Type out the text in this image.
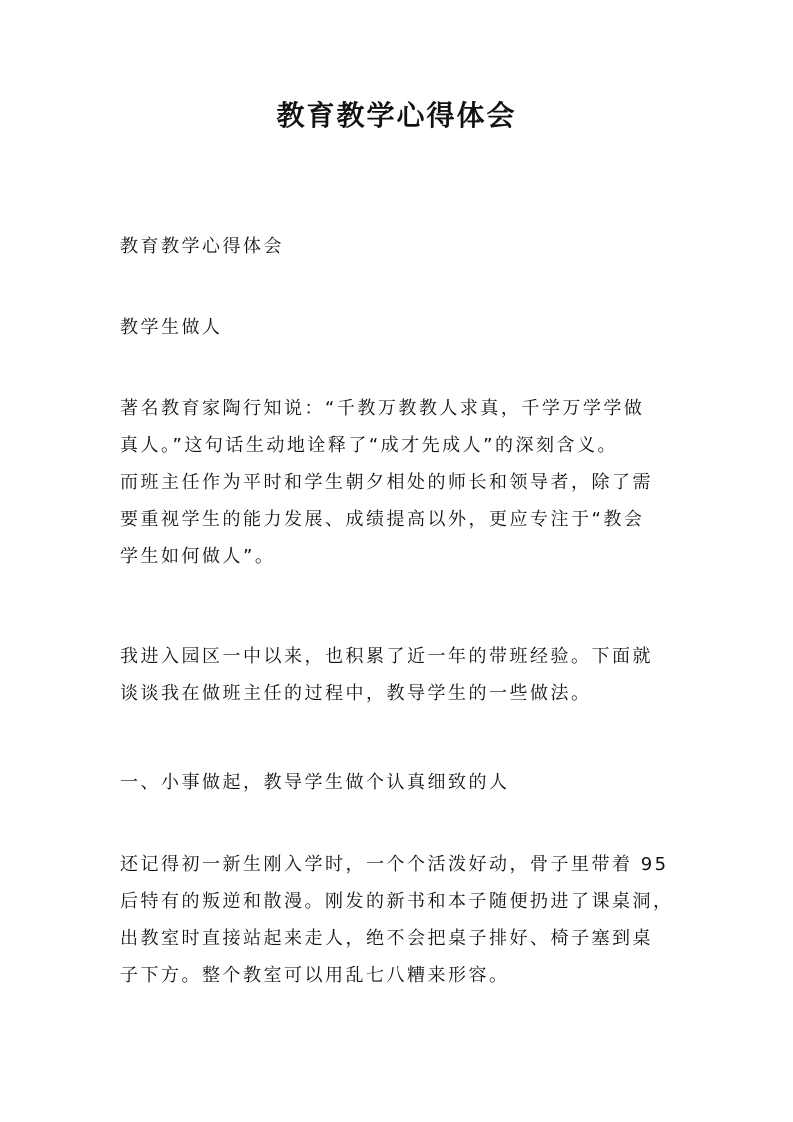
教育教学心得体会

教育教学心得体会

教学生做人

著名教育家陶行知说：“千教万教教人求真，千学万学学做
真人。”这句话生动地诠释了“成才先成人”的深刻含义。
而班主任作为平时和学生朝夕相处的师长和领导者，除了需
要重视学生的能力发展、成绩提高以外，更应专注于“教会
学生如何做人”。
我进入园区一中以来，也积累了近一年的带班经验。下面就
谈谈我在做班主任的过程中，教导学生的一些做法。

一、小事做起，教导学生做个认真细致的人

还记得初一新生刚入学时，一个个活泼好动，骨子里带着 95
后特有的叛逆和散漫。刚发的新书和本子随便扔进了课桌洞，
出教室时直接站起来走人，绝不会把桌子排好、椅子塞到桌
子下方。整个教室可以用乱七八糟来形容。
